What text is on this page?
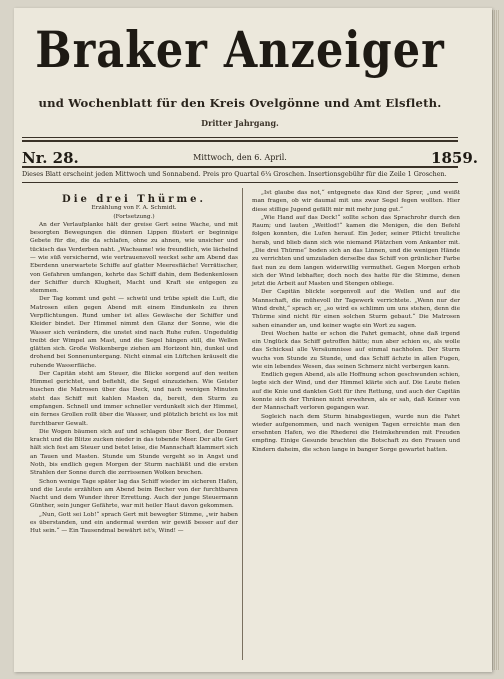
Braker Anzeiger
und Wochenblatt für den Kreis Ovelgönne und Amt Elsfleth.
Dritter Jahrgang.
Nr. 28.	Mittwoch, den 6. April.	1859.
Dieses Blatt erscheint jeden Mittwoch und Sonnabend. Preis pro Quartal 6¼ Groschen. Insertionsgebühr für die Zeile 1 Groschen.

Die drei Thürme.

Erzählung von F. A. Schmidt.

(Fortsetzung.)

An der Verlaufplanke hält der greise Gert seine Wache, und mit besorgten Bewegungen die dünnen Lippen flüstert er beginnige Gebete für die, die da schlafen, ohne zu ahnen, wie unsicher und tückisch das Verderben naht. „Wachsame! wie freundlich, wie lächelnd — wie süß versichernd, wie vertrauensvoll weckst sehr am Abend das Eberdenn unerwartete Schiffe auf glatter Meeresfläche! Verrätischer, von Gefahren umfangen, kehrte das Schiff dahin, dem Bedenkenlosen der Schiffer durch Klugheit, Macht und Kraft sie entgegen zu stemmen.

Der Tag kommt und geht — schwül und trübe spielt die Luft, die Matrosen eilen gegen Abend mit einem Eindunkeln zu ihren Verpflichtungen. Rund umher ist alles Gewäsche der Schiffer und Kleider bindet. Der Himmel nimmt den Glanz der Sonne, wie die Wasser sich verändern, die unstet sind nach Ruhe rufen. Ungeduldig treibt der Wimpel am Mast, und die Segel hängen still, die Wellen glätten sich. Große Wolkenberge ziehen am Horizont hin, dunkel und drohend bei Sonnenuntergang. Nicht einmal ein Lüftchen kräuselt die ruhende Wasserfläche.

Der Capitän steht am Steuer, die Blicke sorgend auf den weiten Himmel gerichtet, und befiehlt, die Segel einzuziehen. Wie Geister huschen die Matrosen über das Deck, und nach wenigen Minuten steht das Schiff mit kahlen Masten da, bereit, den Sturm zu empfangen. Schnell und immer schneller verdunkelt sich der Himmel, ein fernes Grollen rollt über die Wasser, und plötzlich bricht es los mit furchtbarer Gewalt.

Die Wogen bäumen sich auf und schlagen über Bord, der Donner kracht und die Blitze zucken nieder in das tobende Meer. Der alte Gert hält sich fest am Steuer und betet leise, die Mannschaft klammert sich an Tauen und Masten. Stunde um Stunde vergeht so in Angst und Noth, bis endlich gegen Morgen der Sturm nachläßt und die ersten Strahlen der Sonne durch die zerrissenen Wolken brechen.

Schon wenige Tage später lag das Schiff wieder im sicheren Hafen, und die Leute erzählten am Abend beim Becher von der furchtbaren Nacht und dem Wunder ihrer Errettung. Auch der junge Steuermann Günther, sein junger Gefährte, war mit heiler Haut davon gekommen.

„Nun, Gott sei Lob!“ sprach Gert mit bewegter Stimme, „wir haben es überstanden, und ein andermal werden wir gewiß besser auf der Hut sein.“ — Ein Tausendmal bewährt ist's, Wind! —

„Ist glaube das not,“ entgegnete das Kind der Sprer, „und weißt man fragen, ob wir daumal mit uns zwar Segel fegen wollten. Hier diese stillige Jugend gefällt mir mit mehr jung gut.“

„Wie Hand auf das Deck!“ sollte schon das Sprachrohr durch den Raum; und lauten „Weitlod!“ kamen die Menigen, die den Befehl folgen konnten, die Lufen herauf. Ein Jeder, seiner Pflicht treuliche herab, und blieb dann sich wie niemand Plätzchen vom Ankanter mit. „Die drei Thürme“ boden sich an das Linnen, und die wenigen Hände zu verrichten und umzuladen derselbe das Schiff von grünlicher Farbe fast nun zu dem langen widerwillig vermuthet. Gegen Morgen erhob sich der Wind lebhafter, doch noch des hatte für die Stimme, denen jetzt die Arbeit auf Masten und Stengen obliege.

Der Capitän blickte sorgenvoll auf die Wellen und auf die Mannschaft, die mühevoll ihr Tagewerk verrichtete. „Wenn nur der Wind dreht,“ sprach er, „so wird es schlimm um uns stehen, denn die Thürme sind nicht für einen solchen Sturm gebaut.“ Die Matrosen sahen einander an, und keiner wagte ein Wort zu sagen.

Drei Wochen hatte er schon die Fahrt gemacht, ohne daß irgend ein Unglück das Schiff getroffen hätte; nun aber schien es, als wolle das Schicksal alle Versäumnisse auf einmal nachholen. Der Sturm wuchs von Stunde zu Stunde, und das Schiff ächzte in allen Fugen, wie ein lebendes Wesen, das seinen Schmerz nicht verbergen kann.

Endlich gegen Abend, als alle Hoffnung schon geschwunden schien, legte sich der Wind, und der Himmel klärte sich auf. Die Leute fielen auf die Knie und dankten Gott für ihre Rettung, und auch der Capitän konnte sich der Thränen nicht erwehren, als er sah, daß Keiner von der Mannschaft verloren gegangen war.

Sogleich nach dem Sturm hinabgestiegen, wurde nun die Fahrt wieder aufgenommen, und nach wenigen Tagen erreichte man den ersehnten Hafen, wo die Rhederei die Heimkehrenden mit Freuden empfing. Einige Gesunde brachten die Botschaft zu den Frauen und Kindern daheim, die schon lange in banger Sorge gewartet hatten.
